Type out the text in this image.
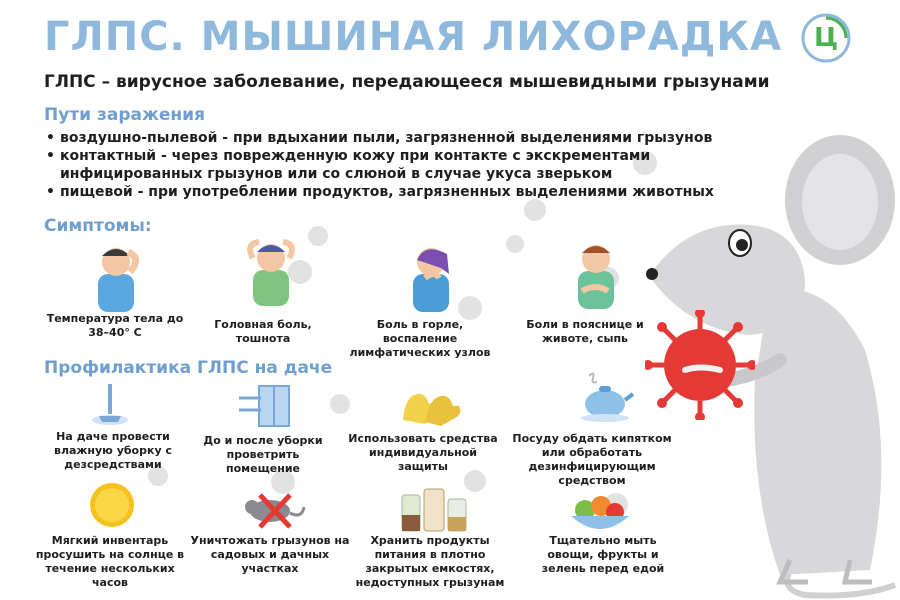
ГЛПС. МЫШИНАЯ ЛИХОРАДКА	Ц
ГЛПС – вирусное заболевание, передающееся мышевидными грызунами
Пути заражения
• воздушно-пылевой - при вдыхании пыли, загрязненной выделениями грызунов
• контактный - через поврежденную кожу при контакте с экскрементами инфицированных грызунов или со слюной в случае укуса зверьком
• пищевой - при употреблении продуктов, загрязненных выделениями животных
Симптомы:
Температура тела до 38–40° С
Головная боль, тошнота
Боль в горле, воспаление лимфатических узлов
Боли в пояснице и животе, сыпь
Профилактика ГЛПС на даче
На даче провести влажную уборку с дезсредствами
До и после уборки проветрить помещение
Использовать средства индивидуальной защиты
Посуду обдать кипятком или обработать дезинфицирующим средством
Мягкий инвентарь просушить на солнце в течение нескольких часов
Уничтожать грызунов на садовых и дачных участках
Хранить продукты питания в плотно закрытых емкостях, недоступных грызунам
Тщательно мыть овощи, фрукты и зелень перед едой
